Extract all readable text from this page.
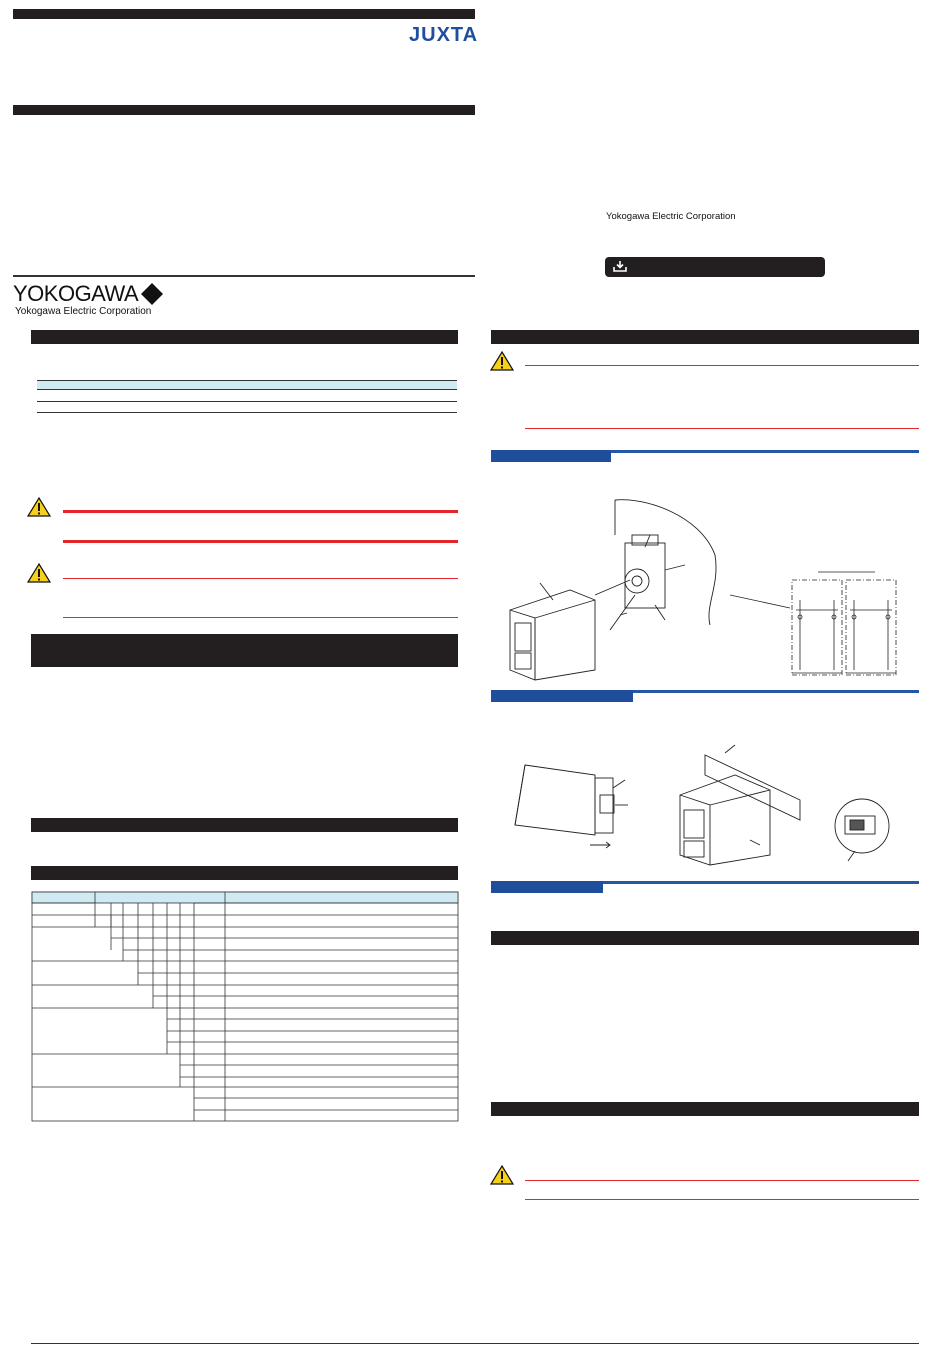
JUXTA
YOKOGAWA
Yokogawa Electric Corporation
Yokogawa Electric Corporation
